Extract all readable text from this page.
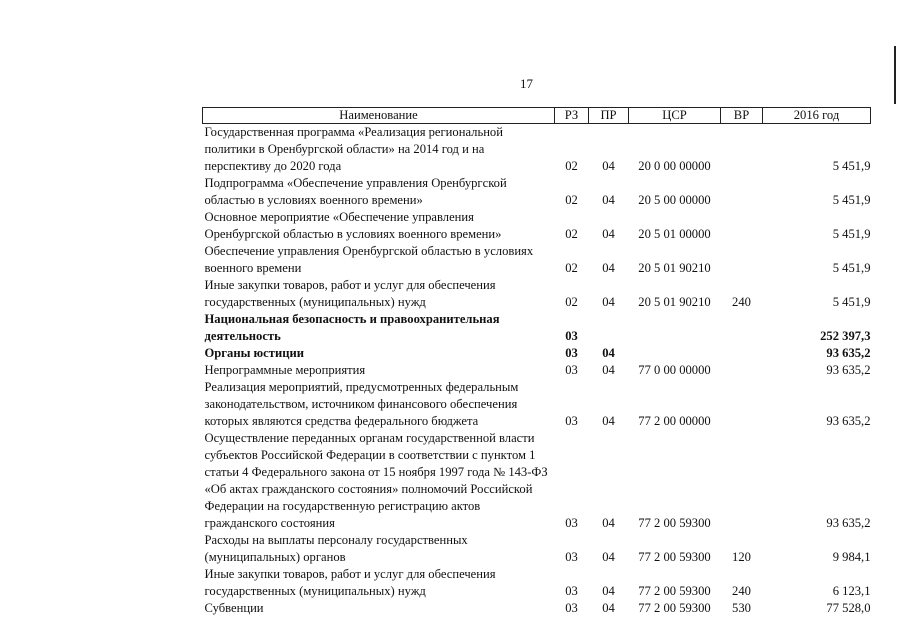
17
Наименование	РЗ	ПР	ЦСР	ВР	2016 год
Государственная программа «Реализация региональной политики в Оренбургской области» на 2014 год и на перспективу до 2020 года	02	04	20 0 00 00000		5 451,9
Подпрограмма «Обеспечение управления Оренбургской областью в условиях военного времени»	02	04	20 5 00 00000		5 451,9
Основное мероприятие «Обеспечение управления Оренбургской областью в условиях военного времени»	02	04	20 5 01 00000		5 451,9
Обеспечение управления Оренбургской областью в условиях военного времени	02	04	20 5 01 90210		5 451,9
Иные закупки товаров, работ и услуг для обеспечения государственных (муниципальных) нужд	02	04	20 5 01 90210	240	5 451,9
Национальная безопасность и правоохранительная деятельность	03				252 397,3
Органы юстиции	03	04			93 635,2
Непрограммные мероприятия	03	04	77 0 00 00000		93 635,2
Реализация мероприятий, предусмотренных федеральным законодательством, источником финансового обеспечения которых являются средства федерального бюджета	03	04	77 2 00 00000		93 635,2
Осуществление переданных органам государственной власти субъектов Российской Федерации в соответствии с пунктом 1 статьи 4 Федерального закона от 15 ноября 1997 года № 143-ФЗ «Об актах гражданского состояния» полномочий Российской Федерации на государственную регистрацию актов гражданского состояния	03	04	77 2 00 59300		93 635,2
Расходы на выплаты персоналу государственных (муниципальных) органов	03	04	77 2 00 59300	120	9 984,1
Иные закупки товаров, работ и услуг для обеспечения государственных (муниципальных) нужд	03	04	77 2 00 59300	240	6 123,1
Субвенции	03	04	77 2 00 59300	530	77 528,0
